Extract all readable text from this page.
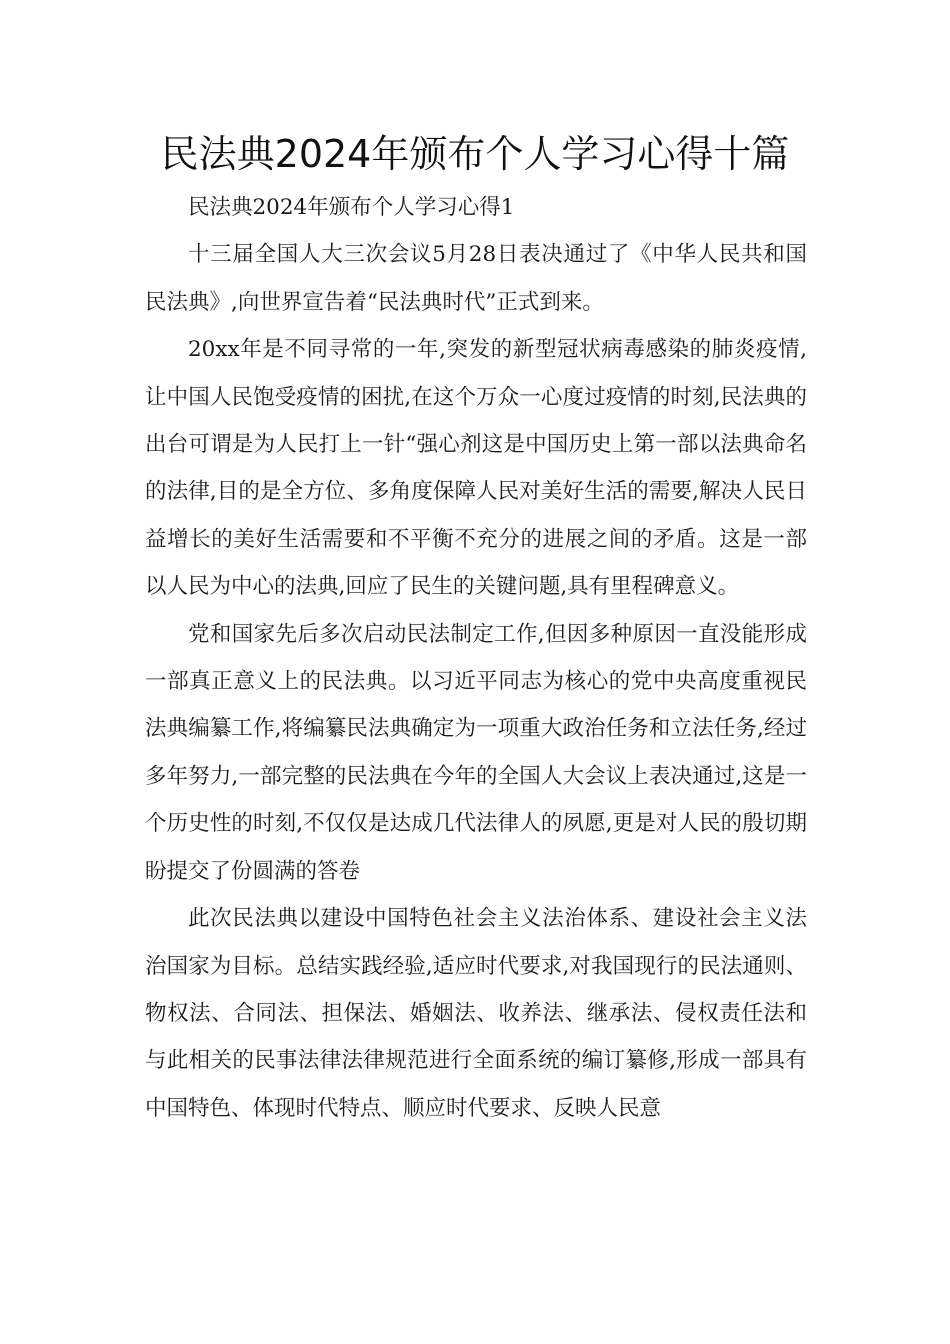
民法典2024年颁布个人学习心得十篇

民法典2024年颁布个人学习心得1

十三届全国人大三次会议5月28日表决通过了《中华人民共和国民法典》,向世界宣告着“民法典时代”正式到来。

20xx年是不同寻常的一年,突发的新型冠状病毒感染的肺炎疫情,让中国人民饱受疫情的困扰,在这个万众一心度过疫情的时刻,民法典的出台可谓是为人民打上一针“强心剂这是中国历史上第一部以法典命名的法律,目的是全方位、多角度保障人民对美好生活的需要,解决人民日益增长的美好生活需要和不平衡不充分的进展之间的矛盾。这是一部以人民为中心的法典,回应了民生的关键问题,具有里程碑意义。

党和国家先后多次启动民法制定工作,但因多种原因一直没能形成一部真正意义上的民法典。以习近平同志为核心的党中央高度重视民法典编纂工作,将编纂民法典确定为一项重大政治任务和立法任务,经过多年努力,一部完整的民法典在今年的全国人大会议上表决通过,这是一个历史性的时刻,不仅仅是达成几代法律人的夙愿,更是对人民的殷切期盼提交了份圆满的答卷

此次民法典以建设中国特色社会主义法治体系、建设社会主义法治国家为目标。总结实践经验,适应时代要求,对我国现行的民法通则、物权法、合同法、担保法、婚姻法、收养法、继承法、侵权责任法和与此相关的民事法律法律规范进行全面系统的编订纂修,形成一部具有中国特色、体现时代特点、顺应时代要求、反映人民意
